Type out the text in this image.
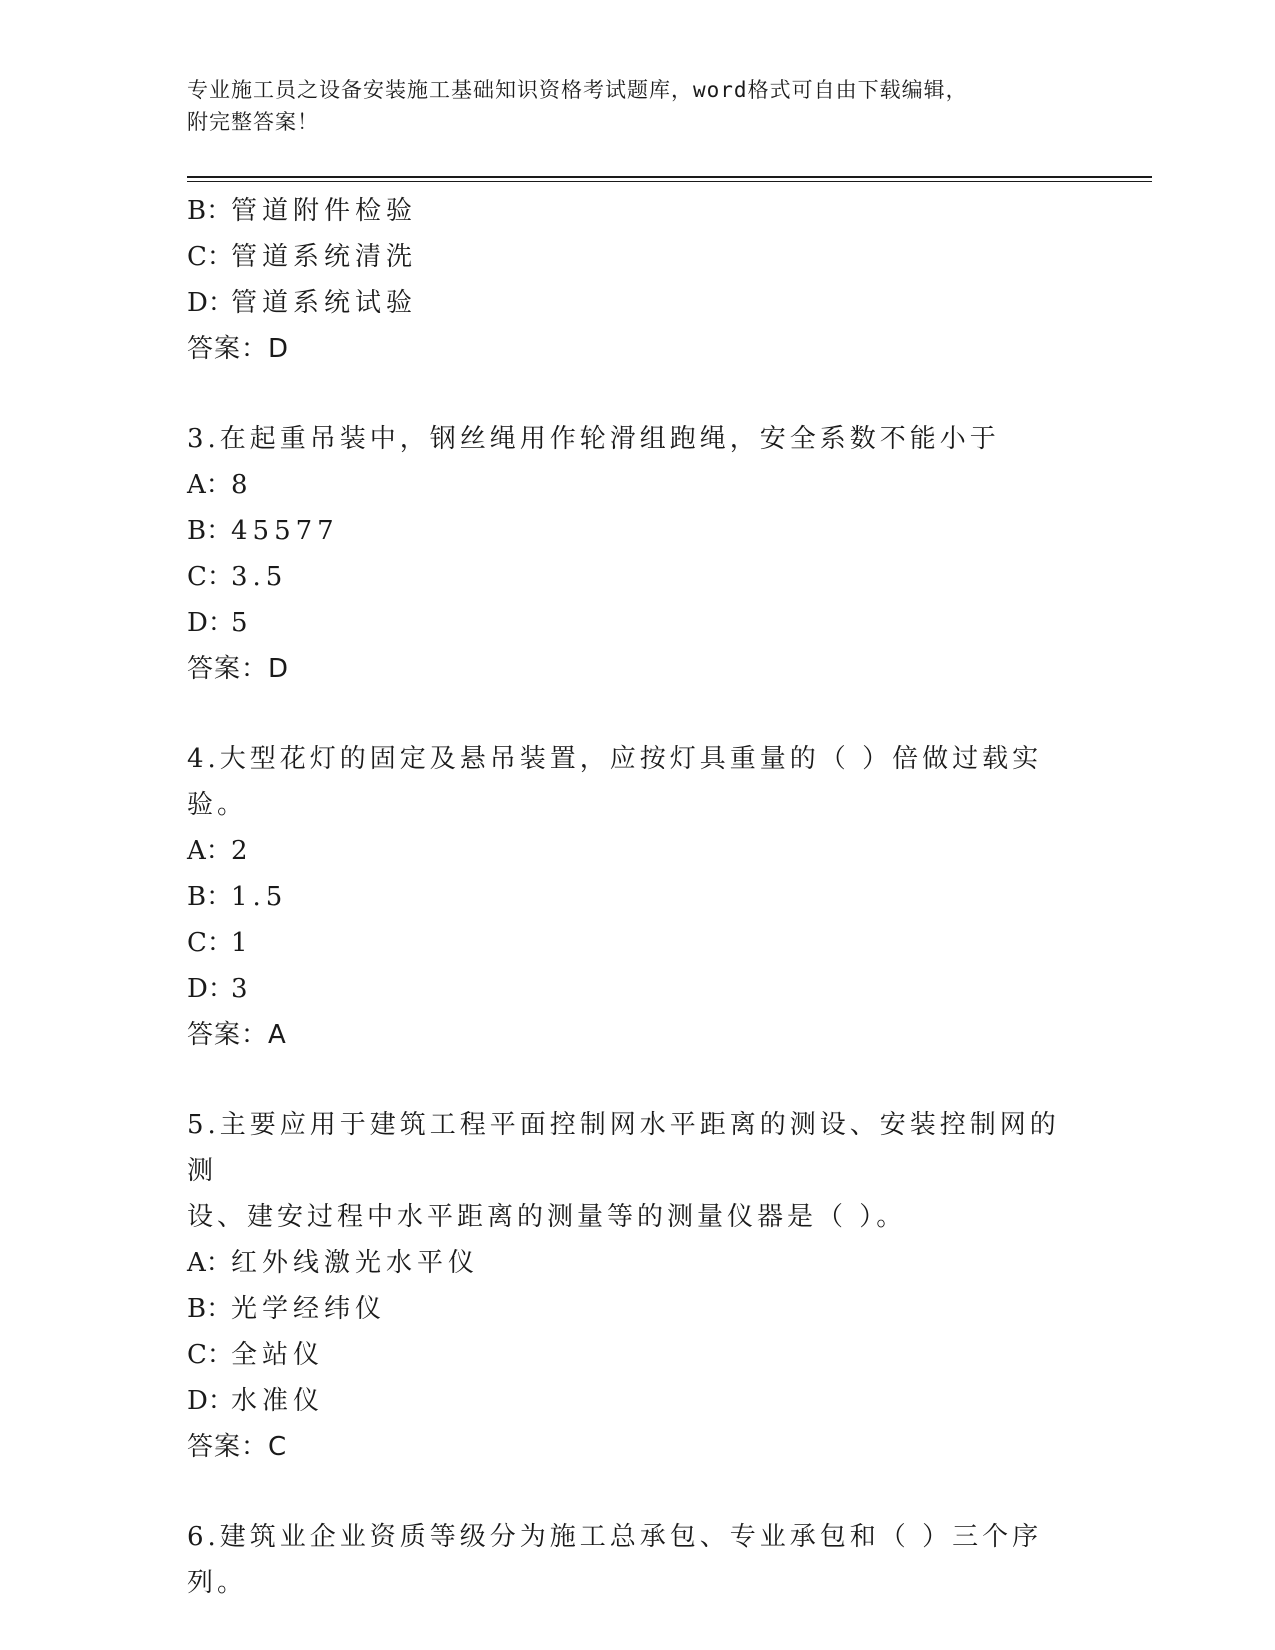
专业施工员之设备安装施工基础知识资格考试题库，word格式可自由下载编辑，
附完整答案！
B：管道附件检验
C：管道系统清洗
D：管道系统试验
答案：D
3.在起重吊装中，钢丝绳用作轮滑组跑绳，安全系数不能小于
A：8
B：45577
C：3.5
D：5
答案：D
4.大型花灯的固定及悬吊装置，应按灯具重量的（ ）倍做过载实验。
A：2
B：1.5
C：1
D：3
答案：A
5.主要应用于建筑工程平面控制网水平距离的测设、安装控制网的测
设、建安过程中水平距离的测量等的测量仪器是（ ）。
A：红外线激光水平仪
B：光学经纬仪
C：全站仪
D：水准仪
答案：C
6.建筑业企业资质等级分为施工总承包、专业承包和（ ）三个序列。
